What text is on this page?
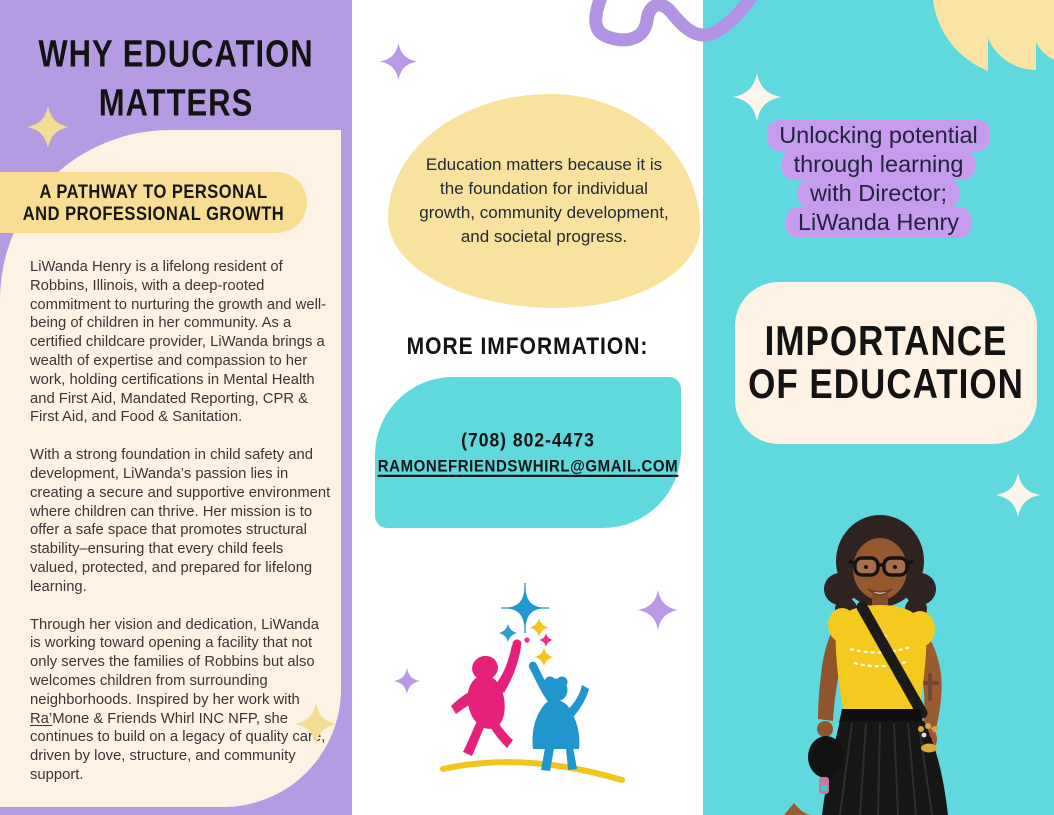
WHY EDUCATION
MATTERS
A PATHWAY TO PERSONAL
AND PROFESSIONAL GROWTH

LiWanda Henry is a lifelong resident of Robbins, Illinois, with a deep-rooted commitment to nurturing the growth and well-being of children in her community. As a certified childcare provider, LiWanda brings a wealth of expertise and compassion to her work, holding certifications in Mental Health and First Aid, Mandated Reporting, CPR & First Aid, and Food & Sanitation.

With a strong foundation in child safety and development, LiWanda’s passion lies in creating a secure and supportive environment where children can thrive. Her mission is to offer a safe space that promotes structural stability–ensuring that every child feels valued, protected, and prepared for lifelong learning.

Through her vision and dedication, LiWanda is working toward opening a facility that not only serves the families of Robbins but also welcomes children from surrounding neighborhoods. Inspired by her work with Ra’Mone & Friends Whirl INC NFP, she continues to build on a legacy of quality care, driven by love, structure, and community support.

Education matters because it is the foundation for individual growth, community development, and societal progress.
MORE IMFORMATION:
(708) 802-4473
RAMONEFRIENDSWHIRL@GMAIL.COM
Unlocking potential
through learning
with Director;
LiWanda Henry
IMPORTANCE
OF EDUCATION
